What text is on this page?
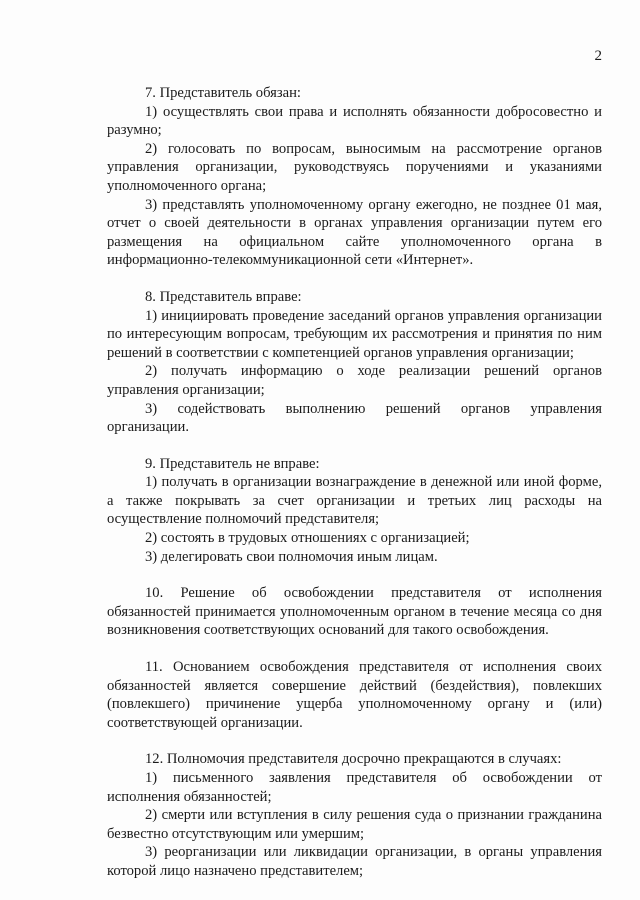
2

7. Представитель обязан:

1) осуществлять свои права и исполнять обязанности добросовестно и разумно;

2) голосовать по вопросам, выносимым на рассмотрение органов управления организации, руководствуясь поручениями и указаниями уполномоченного органа;

3) представлять уполномоченному органу ежегодно, не позднее 01 мая, отчет о своей деятельности в органах управления организации путем его размещения на официальном сайте уполномоченного органа в информационно-телекоммуникационной сети «Интернет».

8. Представитель вправе:

1) инициировать проведение заседаний органов управления организации по интересующим вопросам, требующим их рассмотрения и принятия по ним решений в соответствии с компетенцией органов управления организации;

2) получать информацию о ходе реализации решений органов управления организации;

3) содействовать выполнению решений органов управления организации.

9. Представитель не вправе:

1) получать в организации вознаграждение в денежной или иной форме, а также покрывать за счет организации и третьих лиц расходы на осуществление полномочий представителя;

2) состоять в трудовых отношениях с организацией;

3) делегировать свои полномочия иным лицам.

10. Решение об освобождении представителя от исполнения обязанностей принимается уполномоченным органом в течение месяца со дня возникновения соответствующих оснований для такого освобождения.

11. Основанием освобождения представителя от исполнения своих обязанностей является совершение действий (бездействия), повлекших (повлекшего) причинение ущерба уполномоченному органу и (или) соответствующей организации.

12. Полномочия представителя досрочно прекращаются в случаях:

1) письменного заявления представителя об освобождении от исполнения обязанностей;

2) смерти или вступления в силу решения суда о признании гражданина безвестно отсутствующим или умершим;

3) реорганизации или ликвидации организации, в органы управления которой лицо назначено представителем;
